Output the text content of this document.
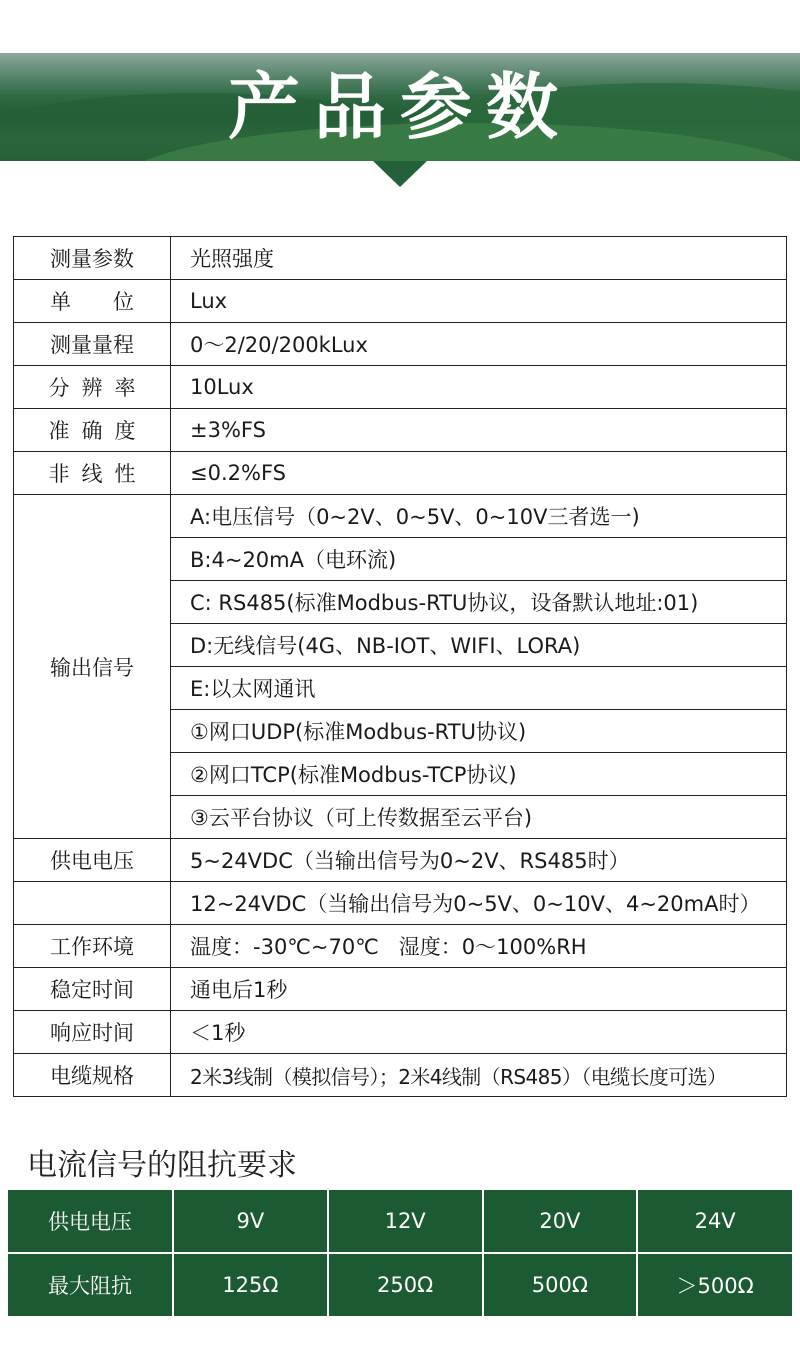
产品参数
测量参数	光照强度
单位	Lux
测量量程	0～2/20/200kLux
分辨率	10Lux
准确度	±3%FS
非线性	≤0.2%FS
输出信号	A:电压信号（0~2V、0~5V、0~10V三者选一)
	B:4~20mA（电环流)
	C: RS485(标准Modbus-RTU协议，设备默认地址:01)
	D:无线信号(4G、NB-IOT、WIFI、LORA)
	E:以太网通讯
	①网口UDP(标准Modbus-RTU协议)
	②网口TCP(标准Modbus-TCP协议)
	③云平台协议（可上传数据至云平台)
供电电压	5~24VDC（当输出信号为0~2V、RS485时）
	12~24VDC（当输出信号为0~5V、0~10V、4~20mA时）
工作环境	温度：-30℃~70℃   湿度：0～100%RH
稳定时间	通电后1秒
响应时间	＜1秒
电缆规格	2米3线制（模拟信号）；2米4线制（RS485）（电缆长度可选）
电流信号的阻抗要求
供电电压	9V	12V	20V	24V
最大阻抗	125Ω	250Ω	500Ω	＞500Ω
